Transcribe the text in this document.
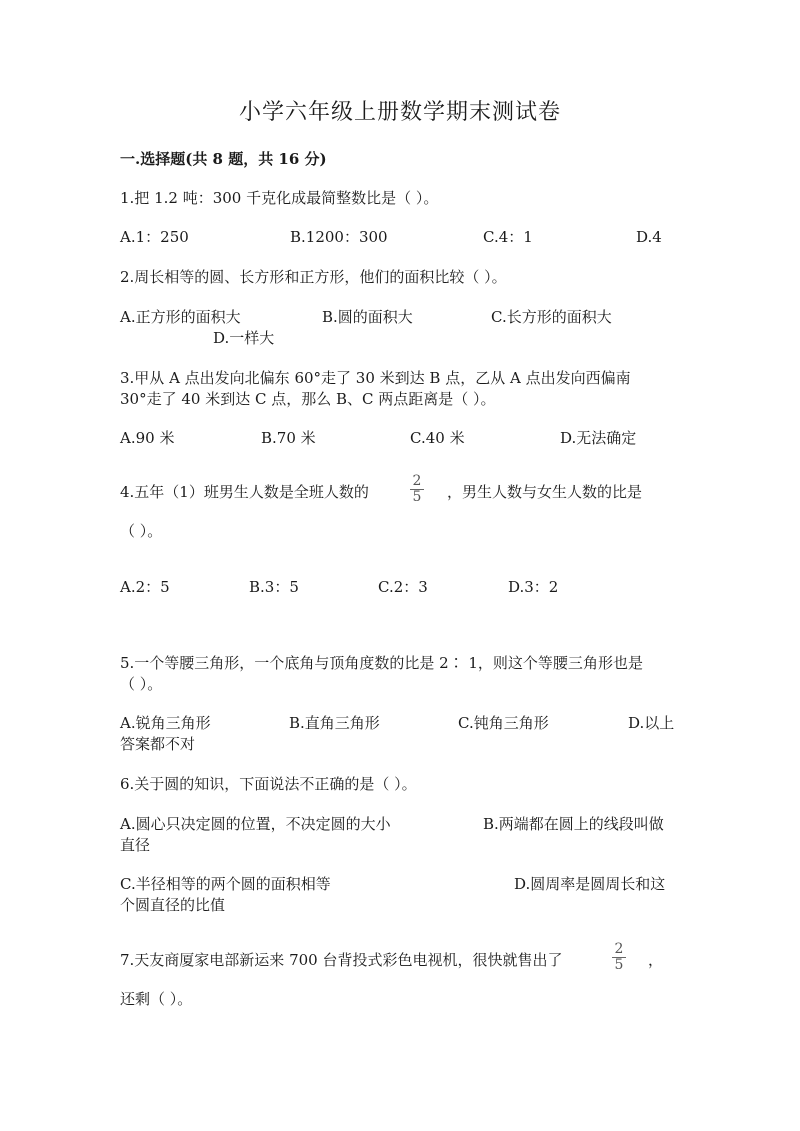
小学六年级上册数学期末测试卷
一.选择题(共 8 题，共 16 分)
1.把 1.2 吨：300 千克化成最简整数比是（ ）。
A.1：250	B.1200：300	C.4：1	D.4
2.周长相等的圆、长方形和正方形，他们的面积比较（ ）。
A.正方形的面积大	B.圆的面积大	C.长方形的面积大
D.一样大
3.甲从 A 点出发向北偏东 60°走了 30 米到达 B 点，乙从 A 点出发向西偏南
30°走了 40 米到达 C 点，那么 B、C 两点距离是（ ）。
A.90 米	B.70 米	C.40 米	D.无法确定
4.五年（1）班男生人数是全班人数的
2
5	，男生人数与女生人数的比是
（ ）。
A.2：5	B.3：5	C.2：3	D.3：2
5.一个等腰三角形，一个底角与顶角度数的比是 2∶ 1，则这个等腰三角形也是
（ ）。
A.锐角三角形	B.直角三角形	C.钝角三角形	D.以上
答案都不对
6.关于圆的知识，下面说法不正确的是（ ）。
A.圆心只决定圆的位置，不决定圆的大小	B.两端都在圆上的线段叫做
直径
C.半径相等的两个圆的面积相等	D.圆周率是圆周长和这
个圆直径的比值
7.天友商厦家电部新运来 700 台背投式彩色电视机，很快就售出了
2
5	，
还剩（ ）。
